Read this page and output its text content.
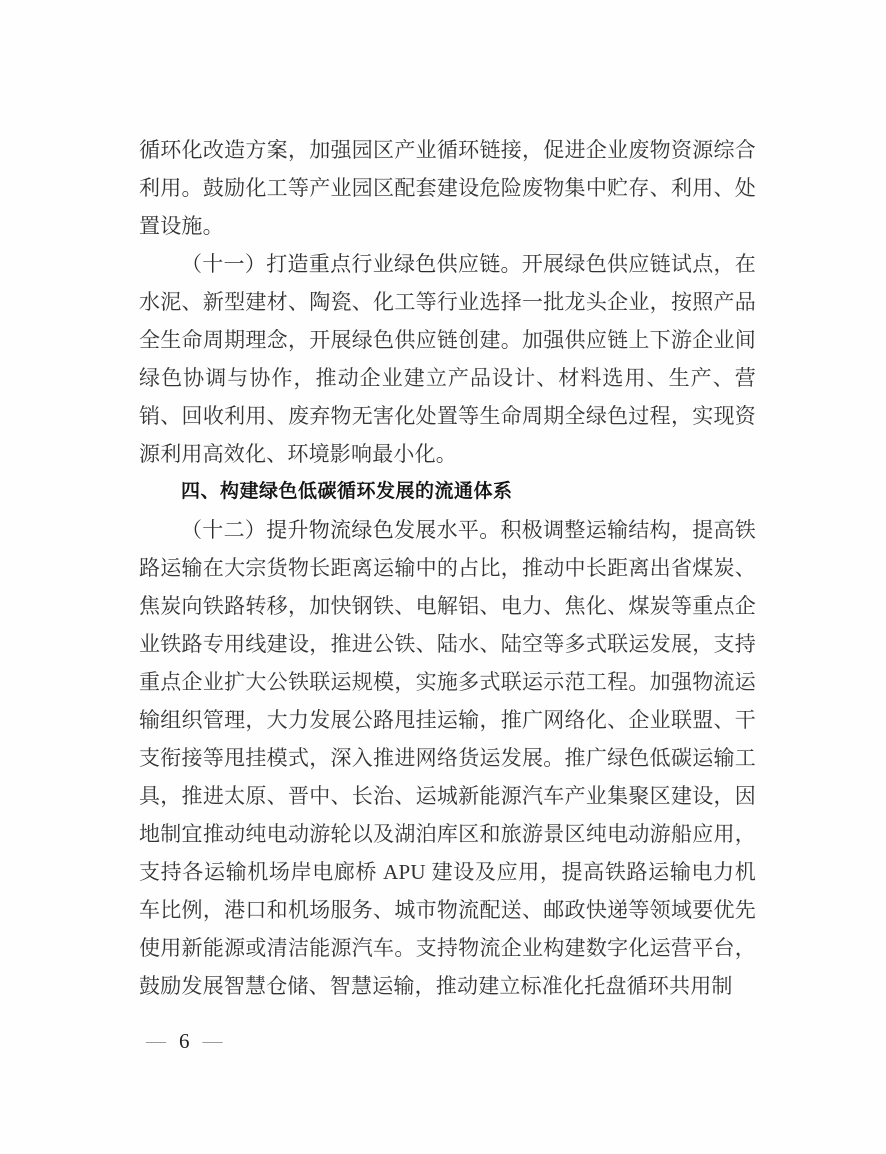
循环化改造方案，加强园区产业循环链接，促进企业废物资源综合利用。鼓励化工等产业园区配套建设危险废物集中贮存、利用、处置设施。

（十一）打造重点行业绿色供应链。开展绿色供应链试点，在水泥、新型建材、陶瓷、化工等行业选择一批龙头企业，按照产品全生命周期理念，开展绿色供应链创建。加强供应链上下游企业间绿色协调与协作，推动企业建立产品设计、材料选用、生产、营销、回收利用、废弃物无害化处置等生命周期全绿色过程，实现资源利用高效化、环境影响最小化。

四、构建绿色低碳循环发展的流通体系

（十二）提升物流绿色发展水平。积极调整运输结构，提高铁路运输在大宗货物长距离运输中的占比，推动中长距离出省煤炭、焦炭向铁路转移，加快钢铁、电解铝、电力、焦化、煤炭等重点企业铁路专用线建设，推进公铁、陆水、陆空等多式联运发展，支持重点企业扩大公铁联运规模，实施多式联运示范工程。加强物流运输组织管理，大力发展公路甩挂运输，推广网络化、企业联盟、干支衔接等甩挂模式，深入推进网络货运发展。推广绿色低碳运输工具，推进太原、晋中、长治、运城新能源汽车产业集聚区建设，因地制宜推动纯电动游轮以及湖泊库区和旅游景区纯电动游船应用，支持各运输机场岸电廊桥 APU 建设及应用，提高铁路运输电力机车比例，港口和机场服务、城市物流配送、邮政快递等领域要优先使用新能源或清洁能源汽车。支持物流企业构建数字化运营平台，鼓励发展智慧仓储、智慧运输，推动建立标准化托盘循环共用制

— 6 —
